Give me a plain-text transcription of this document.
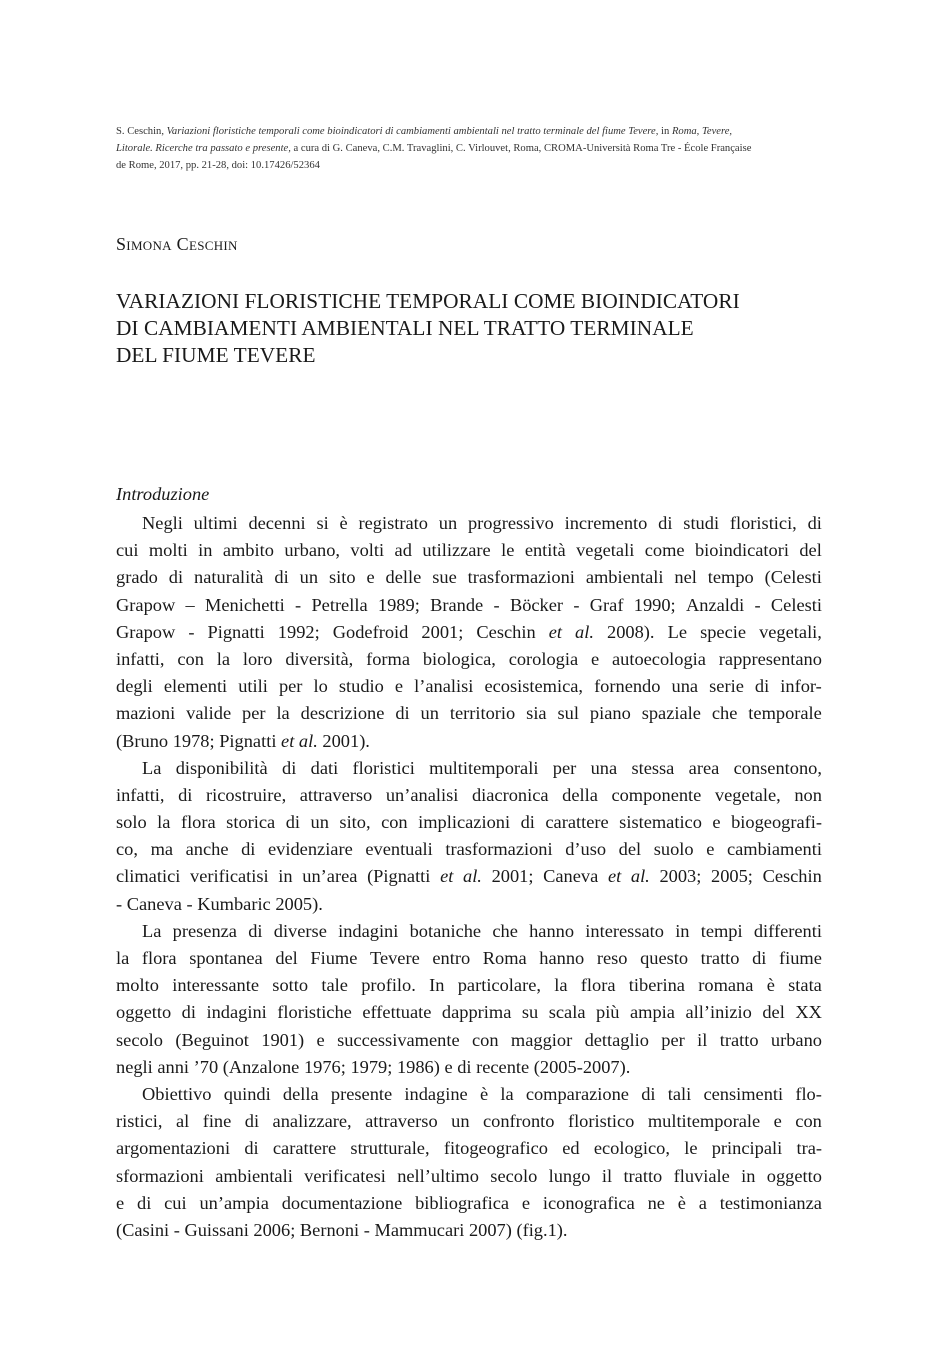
S. Ceschin, Variazioni floristiche temporali come bioindicatori di cambiamenti ambientali nel tratto terminale del fiume Tevere, in Roma, Tevere,
Litorale. Ricerche tra passato e presente, a cura di G. Caneva, C.M. Travaglini, C. Virlouvet, Roma, CROMA-Università Roma Tre - École Française
de Rome, 2017, pp. 21-28, doi: 10.17426/52364
Simona Ceschin
VARIAZIONI FLORISTICHE TEMPORALI COME BIOINDICATORI
DI CAMBIAMENTI AMBIENTALI NEL TRATTO TERMINALE
DEL FIUME TEVERE
Introduzione
Negli ultimi decenni si è registrato un progressivo incremento di studi floristici, di
cui molti in ambito urbano, volti ad utilizzare le entità vegetali come bioindicatori del
grado di naturalità di un sito e delle sue trasformazioni ambientali nel tempo (Celesti
Grapow – Menichetti - Petrella 1989; Brande - Böcker - Graf 1990; Anzaldi - Celesti
Grapow - Pignatti 1992; Godefroid 2001; Ceschin et al. 2008). Le specie vegetali,
infatti, con la loro diversità, forma biologica, corologia e autoecologia rappresentano
degli elementi utili per lo studio e l’analisi ecosistemica, fornendo una serie di infor-
mazioni valide per la descrizione di un territorio sia sul piano spaziale che temporale
(Bruno 1978; Pignatti et al. 2001).
La disponibilità di dati floristici multitemporali per una stessa area consentono,
infatti, di ricostruire, attraverso un’analisi diacronica della componente vegetale, non
solo la flora storica di un sito, con implicazioni di carattere sistematico e biogeografi-
co, ma anche di evidenziare eventuali trasformazioni d’uso del suolo e cambiamenti
climatici verificatisi in un’area (Pignatti et al. 2001; Caneva et al. 2003; 2005; Ceschin
- Caneva - Kumbaric 2005).
La presenza di diverse indagini botaniche che hanno interessato in tempi differenti
la flora spontanea del Fiume Tevere entro Roma hanno reso questo tratto di fiume
molto interessante sotto tale profilo. In particolare, la flora tiberina romana è stata
oggetto di indagini floristiche effettuate dapprima su scala più ampia all’inizio del XX
secolo (Beguinot 1901) e successivamente con maggior dettaglio per il tratto urbano
negli anni ’70 (Anzalone 1976; 1979; 1986) e di recente (2005-2007).
Obiettivo quindi della presente indagine è la comparazione di tali censimenti flo-
ristici, al fine di analizzare, attraverso un confronto floristico multitemporale e con
argomentazioni di carattere strutturale, fitogeografico ed ecologico, le principali tra-
sformazioni ambientali verificatesi nell’ultimo secolo lungo il tratto fluviale in oggetto
e di cui un’ampia documentazione bibliografica e iconografica ne è a testimonianza
(Casini - Guissani 2006; Bernoni - Mammucari 2007) (fig.1).
